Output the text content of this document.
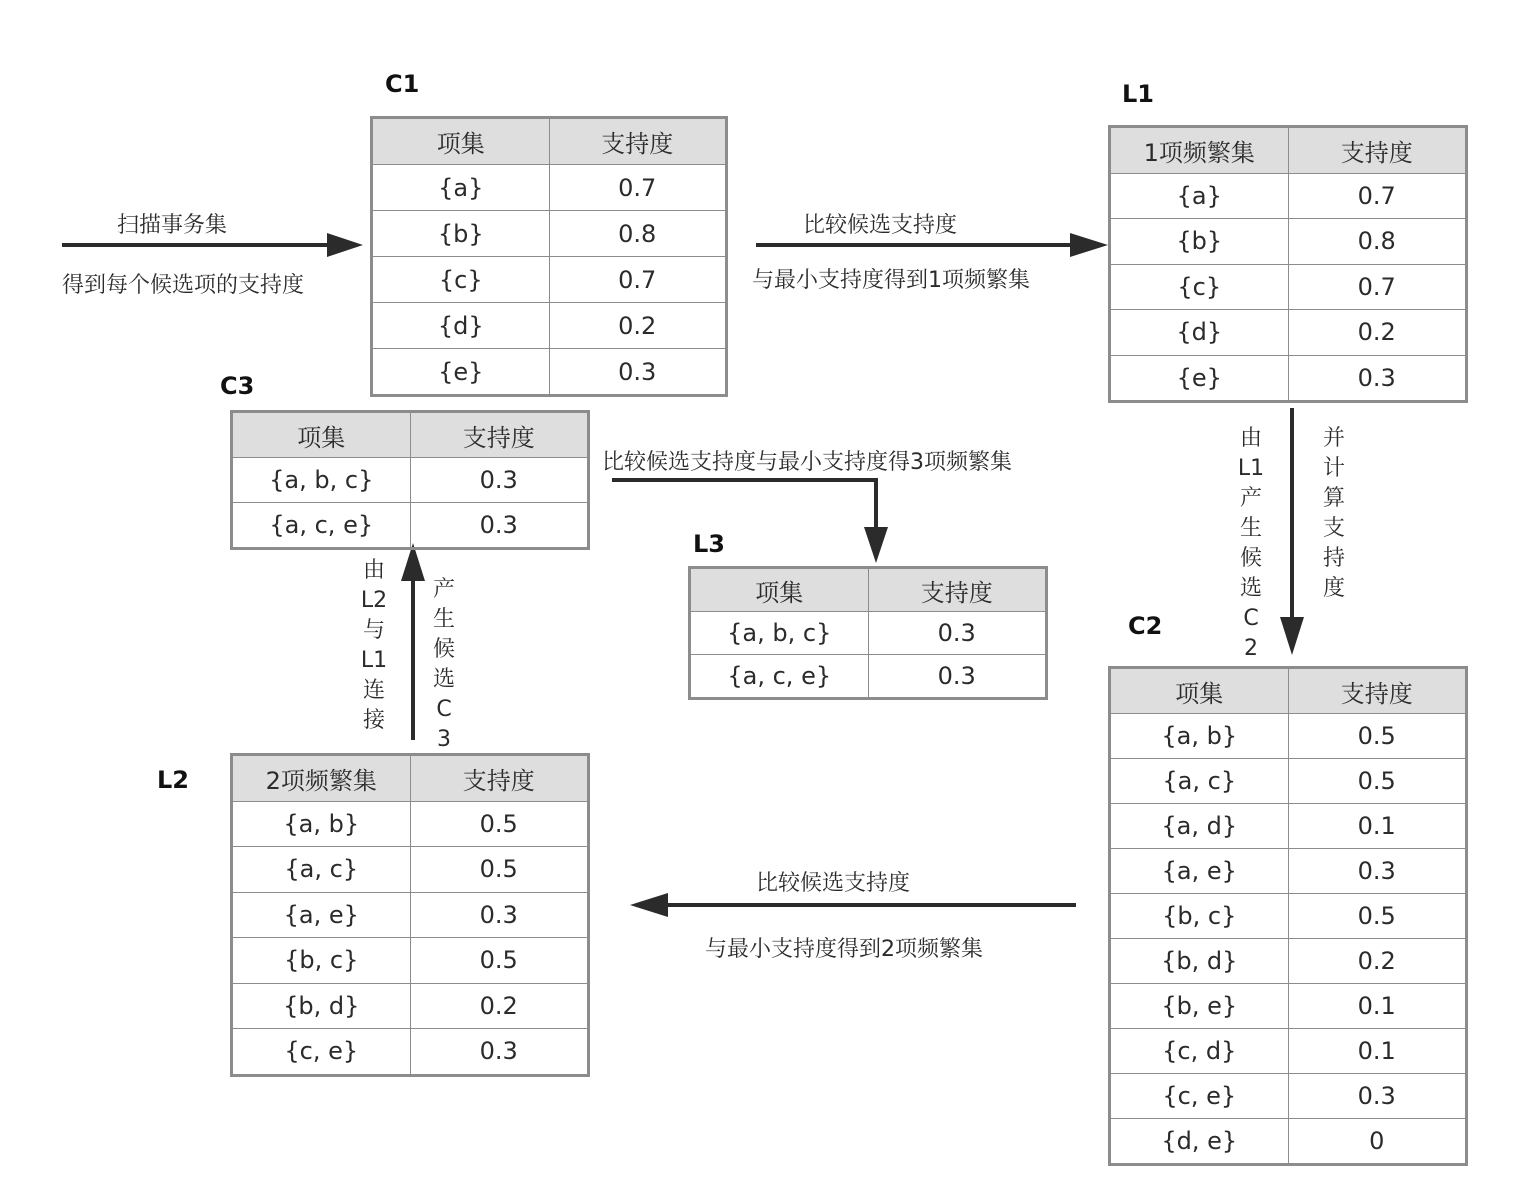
扫描事务集
得到每个候选项的支持度
比较候选支持度
与最小支持度得到1项频繁集
由L1产生候选C2
并计算支持度
比较候选支持度
与最小支持度得到2项频繁集
由L2与L1连接
产生候选C3
比较候选支持度与最小支持度得3项频繁集
C1	L1
C2
L2
C3
L3
项集	支持度
{a}	0.7
{b}	0.8
{c}	0.7
{d}	0.2
{e}	0.3
1项频繁集	支持度
{a}	0.7
{b}	0.8
{c}	0.7
{d}	0.2
{e}	0.3
项集	支持度
{a, b}	0.5
{a, c}	0.5
{a, d}	0.1
{a, e}	0.3
{b, c}	0.5
{b, d}	0.2
{b, e}	0.1
{c, d}	0.1
{c, e}	0.3
{d, e}	0
2项频繁集	支持度
{a, b}	0.5
{a, c}	0.5
{a, e}	0.3
{b, c}	0.5
{b, d}	0.2
{c, e}	0.3
项集	支持度
{a, b, c}	0.3
{a, c, e}	0.3
项集	支持度
{a, b, c}	0.3
{a, c, e}	0.3
